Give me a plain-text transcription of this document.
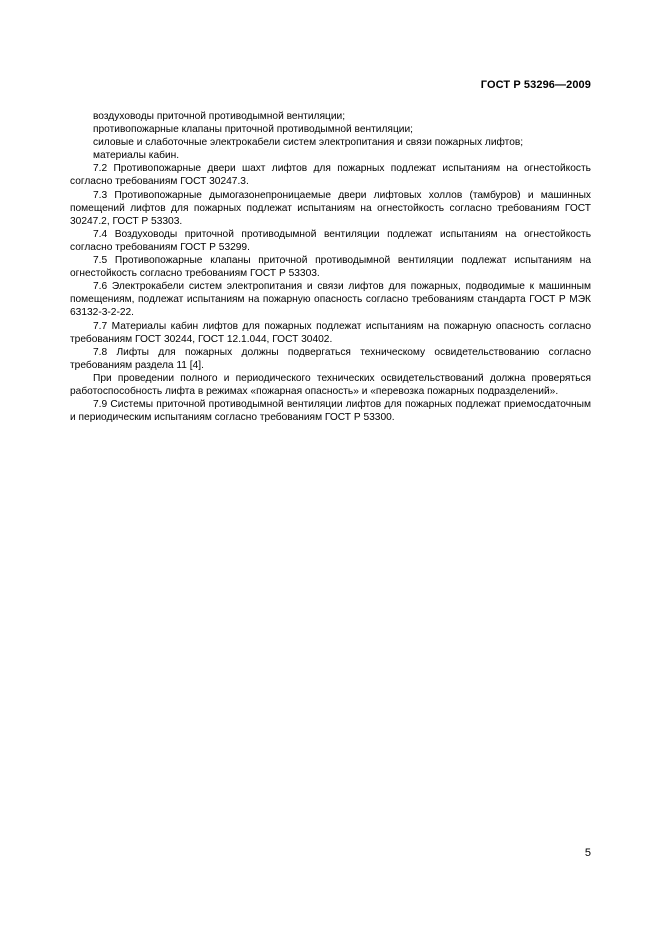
ГОСТ Р 53296—2009

воздуховоды приточной противодымной вентиляции;

противопожарные клапаны приточной противодымной вентиляции;

силовые и слаботочные электрокабели систем электропитания и связи пожарных лифтов;

материалы кабин.

7.2 Противопожарные двери шахт лифтов для пожарных подлежат испытаниям на огнестойкость согласно требованиям ГОСТ 30247.3.

7.3 Противопожарные дымогазонепроницаемые двери лифтовых холлов (тамбуров) и машинных помещений лифтов для пожарных подлежат испытаниям на огнестойкость согласно требованиям ГОСТ 30247.2, ГОСТ Р 53303.

7.4 Воздуховоды приточной противодымной вентиляции подлежат испытаниям на огнестойкость согласно требованиям ГОСТ Р 53299.

7.5 Противопожарные клапаны приточной противодымной вентиляции подлежат испытаниям на огнестойкость согласно требованиям ГОСТ Р 53303.

7.6 Электрокабели систем электропитания и связи лифтов для пожарных, подводимые к машинным помещениям, подлежат испытаниям на пожарную опасность согласно требованиям стандарта ГОСТ Р МЭК 63132-3-2-22.

7.7 Материалы кабин лифтов для пожарных подлежат испытаниям на пожарную опасность согласно требованиям ГОСТ 30244, ГОСТ 12.1.044, ГОСТ 30402.

7.8 Лифты для пожарных должны подвергаться техническому освидетельствованию согласно требованиям раздела 11 [4].

При проведении полного и периодического технических освидетельствований должна проверяться работоспособность лифта в режимах «пожарная опасность» и «перевозка пожарных подразделений».

7.9 Системы приточной противодымной вентиляции лифтов для пожарных подлежат приемосдаточным и периодическим испытаниям согласно требованиям ГОСТ Р 53300.

5
